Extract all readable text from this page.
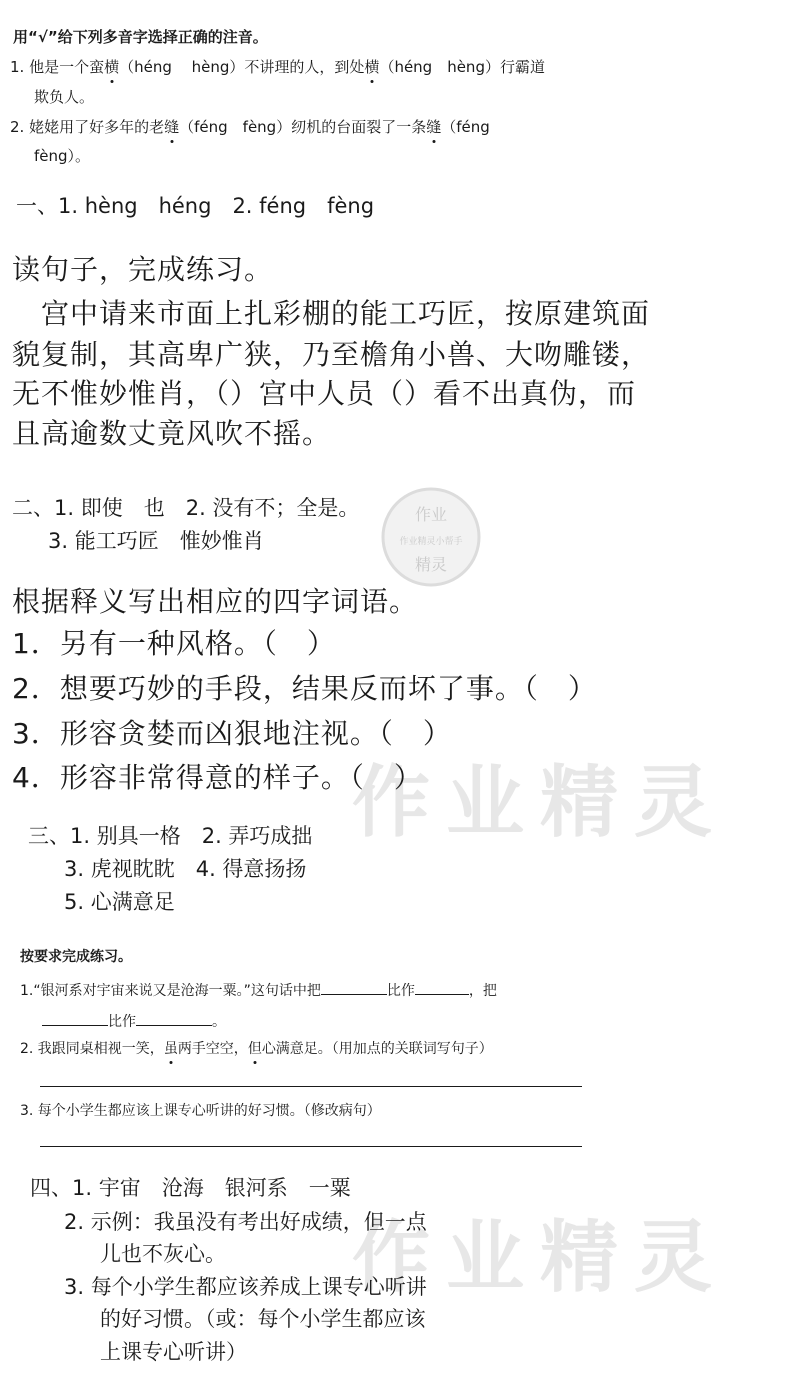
作业精灵
作业精灵
作业
作业精灵小帮手
精灵
用“√”给下列多音字选择正确的注音。
1. 他是一个蛮横（héng　 hèng）不讲理的人，到处横（héng　hèng）行霸道
欺负人。
2. 姥姥用了好多年的老缝（féng　fèng）纫机的台面裂了一条缝（féng
fèng）。
一、1. hèng　héng　2. féng　fèng
读句子，完成练习。
　宫中请来市面上扎彩棚的能工巧匠，按原建筑面
貌复制，其高卑广狭，乃至檐角小兽、大吻雕镂，
无不惟妙惟肖，（）宫中人员（）看不出真伪，而
且高逾数丈竟风吹不摇。
二、1. 即使　也　2. 没有不；全是。
3. 能工巧匠　惟妙惟肖
根据释义写出相应的四字词语。
1．另有一种风格。（　）
2．想要巧妙的手段，结果反而坏了事。（　）
3．形容贪婪而凶狠地注视。（　）
4．形容非常得意的样子。（　）
三、1. 别具一格　2. 弄巧成拙
3. 虎视眈眈　4. 得意扬扬
5. 心满意足
按要求完成练习。
1.“银河系对宇宙来说又是沧海一粟。”这句话中把	比作	，把
比作	。
2. 我跟同桌相视一笑，虽两手空空，但心满意足。（用加点的关联词写句子）
3. 每个小学生都应该上课专心听讲的好习惯。（修改病句）
四、1. 宇宙　沧海　银河系　一粟
2. 示例：我虽没有考出好成绩，但一点
儿也不灰心。
3. 每个小学生都应该养成上课专心听讲
的好习惯。（或：每个小学生都应该
上课专心听讲）
